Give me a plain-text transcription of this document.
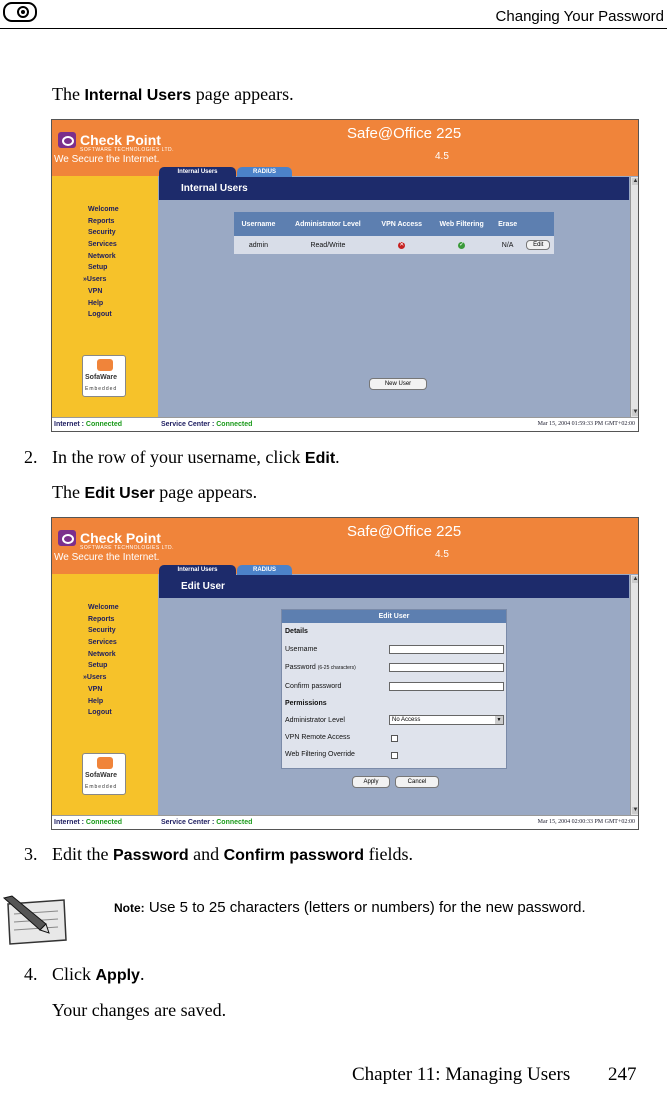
Changing Your Password
The Internal Users page appears.
Check Point
SOFTWARE TECHNOLOGIES LTD.
We Secure the Internet.
Safe@Office 225
4.5
Welcome
Reports
Security
Services
Network
Setup
»Users
VPN
Help
Logout
SofaWare
Embedded
Internal Users	RADIUS
Internal Users
Username	Administrator Level	VPN Access	Web Filtering	Erase	
admin	Read/Write	✕	✓	N/A	Edit
New User
▲
▼
Internet : Connected	Service Center : Connected	Mar 15, 2004 01:59:33 PM GMT+02:00
2. In the row of your username, click Edit.
The Edit User page appears.
Check Point
SOFTWARE TECHNOLOGIES LTD.
We Secure the Internet.
Safe@Office 225
4.5
Welcome
Reports
Security
Services
Network
Setup
»Users
VPN
Help
Logout
SofaWare
Embedded
Internal Users	RADIUS
Edit User
Edit User
Details
Username
Password (6-25 characters)
Confirm password
Permissions
Administrator Level	No Access	▼
VPN Remote Access
Web Filtering Override
Apply	Cancel
▲
▼
Internet : Connected	Service Center : Connected	Mar 15, 2004 02:00:33 PM GMT+02:00
3. Edit the Password and Confirm password fields.
Note: Use 5 to 25 characters (letters or numbers) for the new password.
4. Click Apply.
Your changes are saved.
Chapter 11: Managing Users 247
